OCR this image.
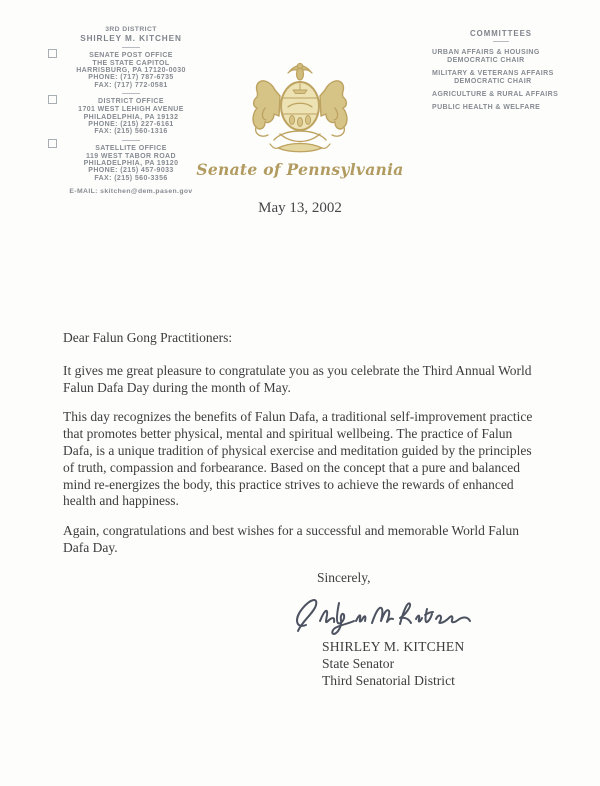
3RD DISTRICT
SHIRLEY M. KITCHEN
SENATE POST OFFICE
THE STATE CAPITOL
HARRISBURG, PA 17120-0030
PHONE: (717) 787-6735
FAX: (717) 772-0581
DISTRICT OFFICE
1701 WEST LEHIGH AVENUE
PHILADELPHIA, PA 19132
PHONE: (215) 227-6161
FAX: (215) 560-1316
SATELLITE OFFICE
119 WEST TABOR ROAD
PHILADELPHIA, PA 19120
PHONE: (215) 457-9033
FAX: (215) 560-3356
E-MAIL: skitchen@dem.pasen.gov
COMMITTEES
URBAN AFFAIRS & HOUSING
DEMOCRATIC CHAIR
MILITARY & VETERANS AFFAIRS
DEMOCRATIC CHAIR
AGRICULTURE & RURAL AFFAIRS
PUBLIC HEALTH & WELFARE
Senate of Pennsylvania
May 13, 2002
Dear Falun Gong Practitioners:

It gives me great pleasure to congratulate you as you celebrate the Third Annual World Falun Dafa Day during the month of May.

This day recognizes the benefits of Falun Dafa, a traditional self-improvement practice that promotes better physical, mental and spiritual wellbeing. The practice of Falun Dafa, is a unique tradition of physical exercise and meditation guided by the principles of truth, compassion and forbearance. Based on the concept that a pure and balanced mind re-energizes the body, this practice strives to achieve the rewards of enhanced health and happiness.

Again, congratulations and best wishes for a successful and memorable World Falun Dafa Day.

Sincerely,
SHIRLEY M. KITCHEN
State Senator
Third Senatorial District
